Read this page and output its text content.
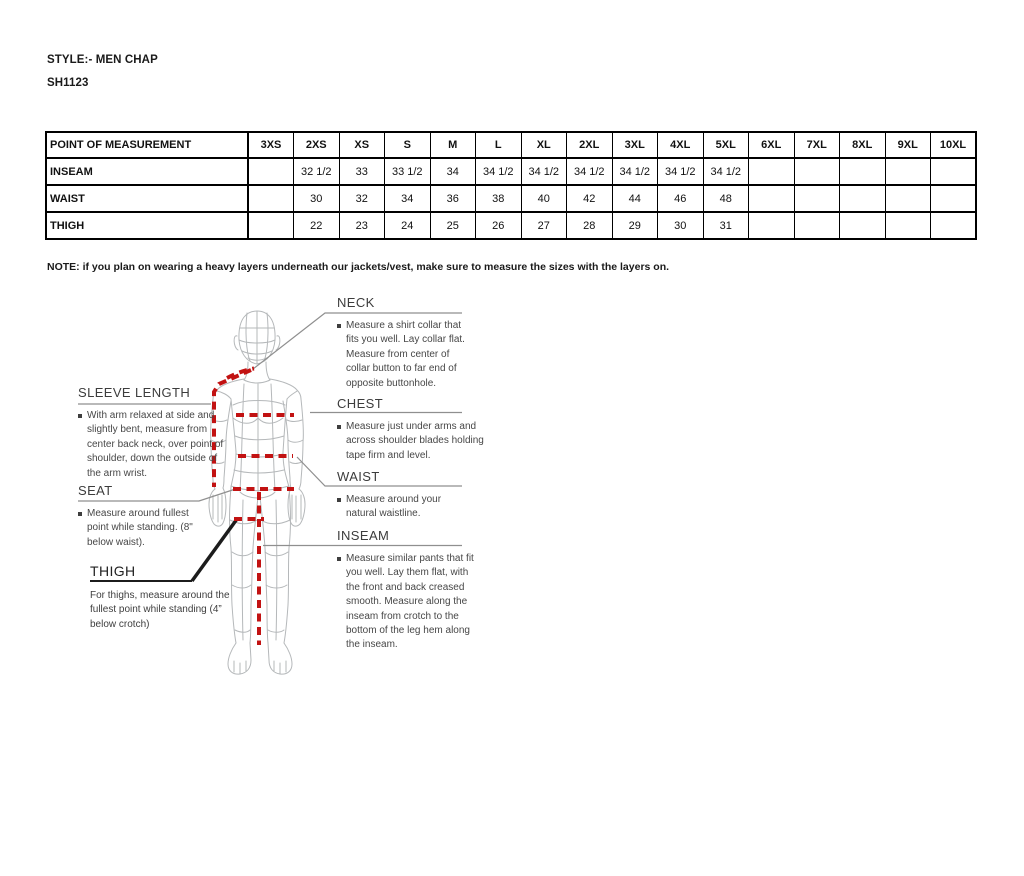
STYLE:- MEN CHAP
SH1123
POINT OF MEASUREMENT	3XS	2XS	XS	S	M	L	XL	2XL	3XL	4XL	5XL	6XL	7XL	8XL	9XL	10XL
INSEAM		32 1/2	33	33 1/2	34	34 1/2	34 1/2	34 1/2	34 1/2	34 1/2	34 1/2					
WAIST		30	32	34	36	38	40	42	44	46	48					
THIGH		22	23	24	25	26	27	28	29	30	31					
NOTE: if you plan on wearing a heavy layers underneath our jackets/vest, make sure to measure the sizes with the layers on.
NECK
Measure a shirt collar that fits you well. Lay collar flat. Measure from center of collar button to far end of opposite buttonhole.
CHEST
Measure just under arms and across shoulder blades holding tape firm and level.
WAIST
Measure around your natural waistline.
INSEAM
Measure similar pants that fit you well. Lay them flat, with the front and back creased smooth. Measure along the inseam from crotch to the bottom of the leg hem along the inseam.
SLEEVE LENGTH
With arm relaxed at side and slightly bent, measure from center back neck, over point of shoulder, down the outside of the arm wrist.
SEAT
Measure around fullest point while standing. (8" below waist).
THIGH
For thighs, measure around the fullest point while standing (4” below crotch)
